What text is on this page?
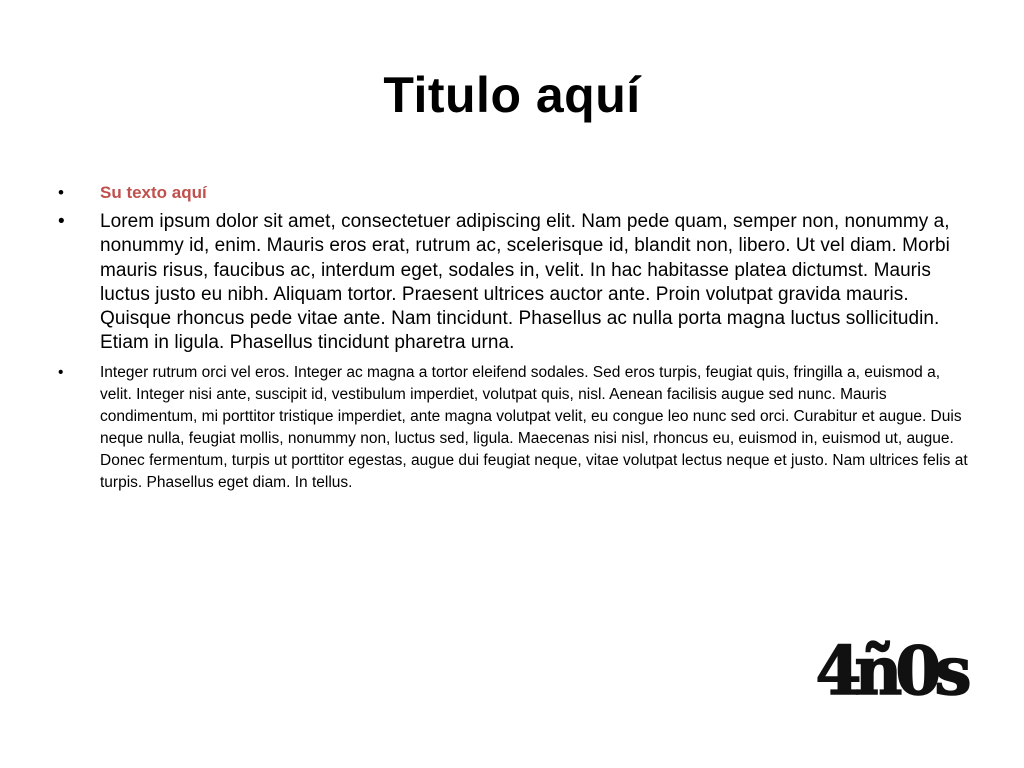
Titulo aquí
•	Su texto aquí
•	Lorem ipsum dolor sit amet, consectetuer adipiscing elit. Nam pede quam, semper non, nonummy a, nonummy id, enim. Mauris eros erat, rutrum ac, scelerisque id, blandit non, libero. Ut vel diam. Morbi mauris risus, faucibus ac, interdum eget, sodales in, velit. In hac habitasse platea dictumst. Mauris luctus justo eu nibh. Aliquam tortor. Praesent ultrices auctor ante. Proin volutpat gravida mauris. Quisque rhoncus pede vitae ante. Nam tincidunt. Phasellus ac nulla porta magna luctus sollicitudin. Etiam in ligula. Phasellus tincidunt pharetra urna.
•	Integer rutrum orci vel eros. Integer ac magna a tortor eleifend sodales. Sed eros turpis, feugiat quis, fringilla a, euismod a, velit. Integer nisi ante, suscipit id, vestibulum imperdiet, volutpat quis, nisl. Aenean facilisis augue sed nunc. Mauris condimentum, mi porttitor tristique imperdiet, ante magna volutpat velit, eu congue leo nunc sed orci. Curabitur et augue. Duis neque nulla, feugiat mollis, nonummy non, luctus sed, ligula. Maecenas nisi nisl, rhoncus eu, euismod in, euismod ut, augue. Donec fermentum, turpis ut porttitor egestas, augue dui feugiat neque, vitae volutpat lectus neque et justo. Nam ultrices felis at turpis. Phasellus eget diam. In tellus.
4ñ0s
